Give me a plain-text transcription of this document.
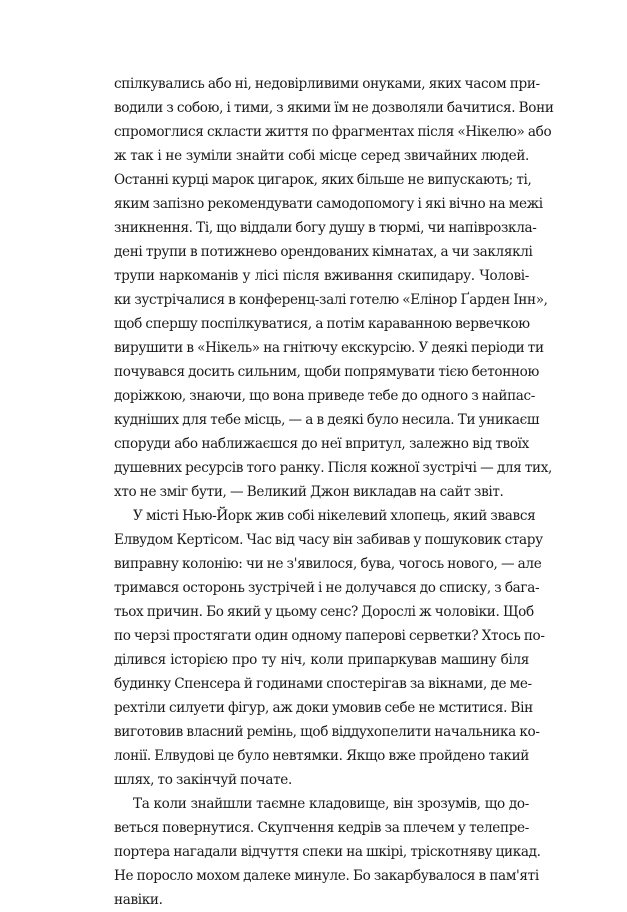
спілкувались або ні, недовірливими онуками, яких часом при-
водили з собою, і тими, з якими їм не дозволяли бачитися. Вони
спромоглися скласти життя по фрагментах після «Нікелю» або
ж так і не зуміли знайти собі місце серед звичайних людей.
Останні курці марок цигарок, яких більше не випускають; ті,
яким запізно рекомендувати самодопомогу і які вічно на межі
зникнення. Ті, що віддали богу душу в тюрмі, чи напіврозкла-
дені трупи в потижнево орендованих кімнатах, а чи закляклі
трупи наркоманів у лісі після вживання скипидару. Чолові-
ки зустрічалися в конференц-залі готелю «Елінор Ґарден Інн»,
щоб спершу поспілкуватися, а потім караванною вервечкою
вирушити в «Нікель» на гнітючу екскурсію. У деякі періоди ти
почувався досить сильним, щоби попрямувати тією бетонною
доріжкою, знаючи, що вона приведе тебе до одного з найпас-
кудніших для тебе місць, — а в деякі було несила. Ти уникаєш
споруди або наближаєшся до неї впритул, залежно від твоїх
душевних ресурсів того ранку. Після кожної зустрічі — для тих,
хто не зміг бути, — Великий Джон викладав на сайт звіт.
У місті Нью-Йорк жив собі нікелевий хлопець, який звався
Елвудом Кертісом. Час від часу він забивав у пошуковик стару
виправну колонію: чи не з'явилося, бува, чогось нового, — але
тримався осторонь зустрічей і не долучався до списку, з бага-
тьох причин. Бо який у цьому сенс? Дорослі ж чоловіки. Щоб
по черзі простягати один одному паперові серветки? Хтось по-
ділився історією про ту ніч, коли припаркував машину біля
будинку Спенсера й годинами спостерігав за вікнами, де ме-
рехтіли силуети фігур, аж доки умовив себе не мститися. Він
виготовив власний ремінь, щоб віддухопелити начальника ко-
лонії. Елвудові це було невтямки. Якщо вже пройдено такий
шлях, то закінчуй почате.
Та коли знайшли таємне кладовище, він зрозумів, що до-
веться повернутися. Скупчення кедрів за плечем у телепре-
портера нагадали відчуття спеки на шкірі, тріскотняву цикад.
Не поросло мохом далеке минуле. Бо закарбувалося в пам'яті
навіки.
